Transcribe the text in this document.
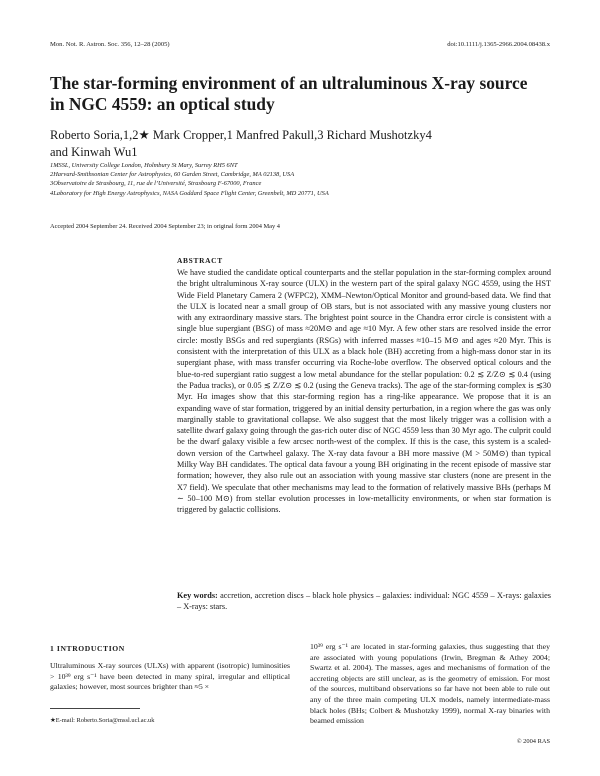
Mon. Not. R. Astron. Soc. 356, 12–28 (2005)	doi:10.1111/j.1365-2966.2004.08438.x
The star-forming environment of an ultraluminous X-ray source in NGC 4559: an optical study
Roberto Soria,1,2★ Mark Cropper,1 Manfred Pakull,3 Richard Mushotzky4
and Kinwah Wu1
1MSSL, University College London, Holmbury St Mary, Surrey RH5 6NT
2Harvard-Smithsonian Center for Astrophysics, 60 Garden Street, Cambridge, MA 02138, USA
3Observatoire de Strasbourg, 11, rue de l’Université, Strasbourg F-67000, France
4Laboratory for High Energy Astrophysics, NASA Goddard Space Flight Center, Greenbelt, MD 20771, USA
Accepted 2004 September 24. Received 2004 September 23; in original form 2004 May 4
ABSTRACT
We have studied the candidate optical counterparts and the stellar population in the star-forming complex around the bright ultraluminous X-ray source (ULX) in the western part of the spiral galaxy NGC 4559, using the HST Wide Field Planetary Camera 2 (WFPC2), XMM–Newton/Optical Monitor and ground-based data. We find that the ULX is located near a small group of OB stars, but is not associated with any massive young clusters nor with any extraordinary massive stars. The brightest point source in the Chandra error circle is consistent with a single blue supergiant (BSG) of mass ≈20M⊙ and age ≈10 Myr. A few other stars are resolved inside the error circle: mostly BSGs and red supergiants (RSGs) with inferred masses ≈10–15 M⊙ and ages ≈20 Myr. This is consistent with the interpretation of this ULX as a black hole (BH) accreting from a high-mass donor star in its supergiant phase, with mass transfer occurring via Roche-lobe overflow. The observed optical colours and the blue-to-red supergiant ratio suggest a low metal abundance for the stellar population: 0.2 ≲ Z/Z⊙ ≲ 0.4 (using the Padua tracks), or 0.05 ≲ Z/Z⊙ ≲ 0.2 (using the Geneva tracks). The age of the star-forming complex is ≲30 Myr. Hα images show that this star-forming region has a ring-like appearance. We propose that it is an expanding wave of star formation, triggered by an initial density perturbation, in a region where the gas was only marginally stable to gravitational collapse. We also suggest that the most likely trigger was a collision with a satellite dwarf galaxy going through the gas-rich outer disc of NGC 4559 less than 30 Myr ago. The culprit could be the dwarf galaxy visible a few arcsec north-west of the complex. If this is the case, this system is a scaled-down version of the Cartwheel galaxy. The X-ray data favour a BH more massive (M > 50M⊙) than typical Milky Way BH candidates. The optical data favour a young BH originating in the recent episode of massive star formation; however, they also rule out an association with young massive star clusters (none are present in the X7 field). We speculate that other mechanisms may lead to the formation of relatively massive BHs (perhaps M ∼ 50–100 M⊙) from stellar evolution processes in low-metallicity environments, or when star formation is triggered by galactic collisions.
Key words: accretion, accretion discs – black hole physics – galaxies: individual: NGC 4559 – X-rays: galaxies – X-rays: stars.
1 INTRODUCTION
Ultraluminous X-ray sources (ULXs) with apparent (isotropic) luminosities > 10³⁹ erg s⁻¹ have been detected in many spiral, irregular and elliptical galaxies; however, most sources brighter than ≈5 ×
10³⁹ erg s⁻¹ are located in star-forming galaxies, thus suggesting that they are associated with young populations (Irwin, Bregman & Athey 2004; Swartz et al. 2004). The masses, ages and mechanisms of formation of the accreting objects are still unclear, as is the geometry of emission. For most of the sources, multiband observations so far have not been able to rule out any of the three main competing ULX models, namely intermediate-mass black holes (BHs; Colbert & Mushotzky 1999), normal X-ray binaries with beamed emission
★E-mail: Roberto.Soria@mssl.ucl.ac.uk
© 2004 RAS
